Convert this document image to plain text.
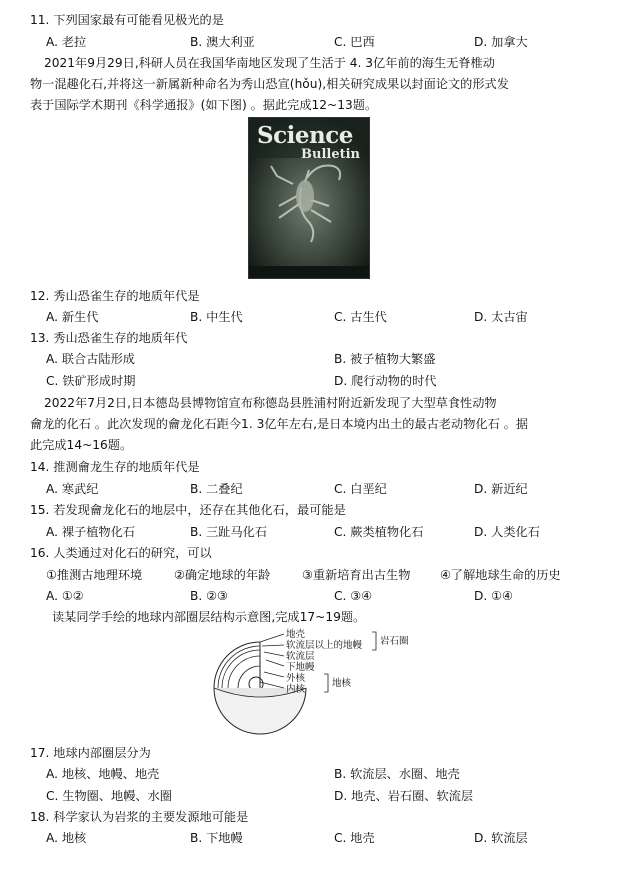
11. 下列国家最有可能看见极光的是
A. 老拉	B. 澳大利亚	C. 巴西	D. 加拿大
2021年9月29日,科研人员在我国华南地区发现了生活于 4. 3亿年前的海生无脊椎动
物一混趣化石,并将这一新属新种命名为秀山恐宣(hǒu),相关研究成果以封面论文的形式发
表于国际学术期刊《科学通报》(如下图) 。据此完成12~13题。
Science
Bulletin
12. 秀山恐雀生存的地质年代是
A. 新生代	B. 中生代	C. 古生代	D. 太古宙
13. 秀山恐雀生存的地质年代
A. 联合古陆形成	B. 被子植物大繁盛
C. 铁矿形成时期	D. 爬行动物的时代
2022年7月2日,日本德岛县博物馆宣布称德岛县胜浦村附近新发现了大型草食性动物
龠龙的化石 。此次发现的龠龙化石距今1. 3亿年左右,是日本境内出土的最古老动物化石 。据
此完成14~16题。
14. 推测龠龙生存的地质年代是
A. 寒武纪	B. 二叠纪	C. 白垩纪	D. 新近纪
15. 若发现龠龙化石的地层中，还存在其他化石，最可能是
A. 裸子植物化石	B. 三趾马化石	C. 蕨类植物化石	D. 人类化石
16. 人类通过对化石的研究，可以
①推测古地理环境	②确定地球的年龄	③重新培育出古生物 ④了解地球生命的历史
A. ①②	B. ②③	C. ③④	D. ①④
读某同学手绘的地球内部圈层结构示意图,完成17~19题。
地壳
软流层以上的地幔
软流层
下地幔
外核
内核
岩石圈
地核
17. 地球内部圈层分为
A. 地核、地幔、地壳	B. 软流层、水圈、地壳
C. 生物圈、地幔、水圈	D. 地壳、岩石圈、软流层
18. 科学家认为岩浆的主要发源地可能是
A. 地核	B. 下地幔	C. 地壳	D. 软流层
